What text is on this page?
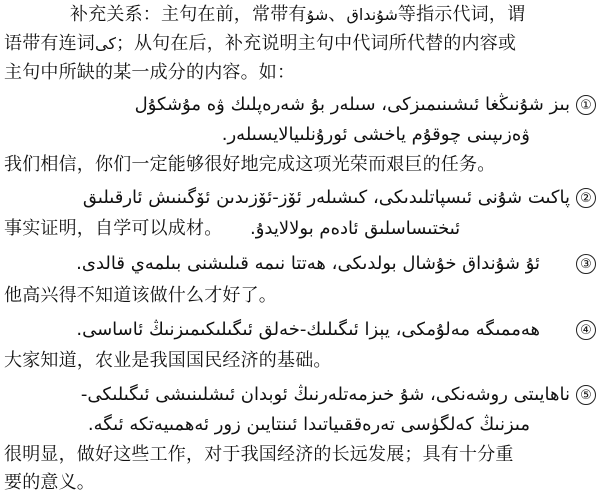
补充关系：主句在前，常带有ﺷﯘ、ﺷﯘﻧﺪﺍﻕ等指示代词，谓
语带有连词ﻛﻰ；从句在后，补充说明主句中代词所代替的内容或
主句中所缺的某一成分的内容。如：
①
بىز شۇنىڭغا ئىشىنىمىزكى، سىلەر بۇ شەرەپلىك ۋە مۇشكۇل
ۋەزىپىنى چوقۇم ياخشى ئورۇنلىيالايسىلەر.
我们相信，你们一定能够很好地完成这项光荣而艰巨的任务。
②
پاكىت شۇنى ئىسپاتلىدىكى، كىشىلەر ئۆز-ئۆزىدىن ئۆگىنىش ئارقىلىق
事实证明，自学可以成材。 ئىختىساسلىق ئادەم بولالايدۇ.
③
ئۇ شۇنداق خۇشال بولدىكى، ھەتتا نىمە قىلىشنى بىلمەي قالدى.
他高兴得不知道该做什么才好了。
④
ھەممىگە مەلۇمكى، يېزا ئىگىلىك-خەلق ئىگىلىكىمىزنىڭ ئاساسى.
大家知道，农业是我国国民经济的基础。
⑤
ناھايىتى روشەنكى، شۇ خىزمەتلەرنىڭ ئوبدان ئىشلىنىشى ئىگىلىكى-
مىزنىڭ كەلگۈسى تەرەققىياتىدا ئىنتايىن زور ئەھمىيەتكە ئىگە.
很明显，做好这些工作，对于我国经济的长远发展；具有十分重
要的意义。
